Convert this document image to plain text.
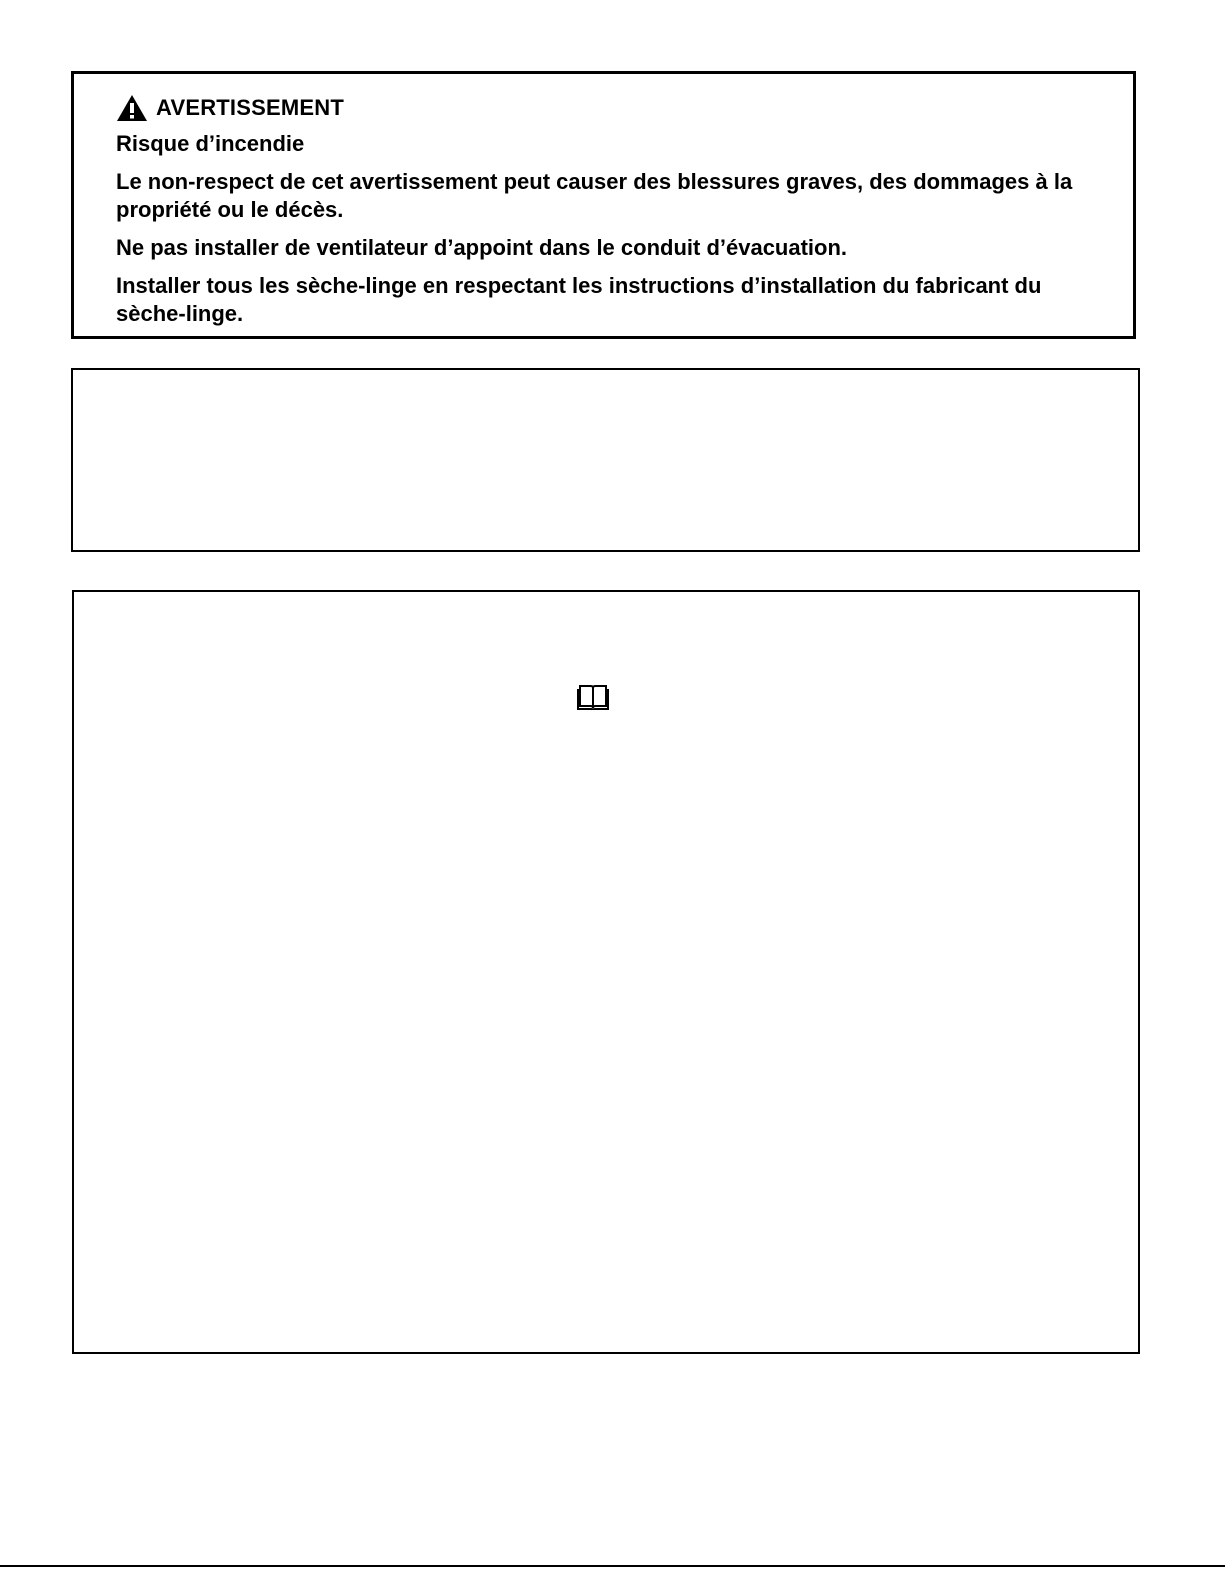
AVERTISSEMENT

Risque d’incendie

Le non-respect de cet avertissement peut causer des blessures graves, des dommages à la propriété ou le décès.

Ne pas installer de ventilateur d’appoint dans le conduit d’évacuation.

Installer tous les sèche-linge en respectant les instructions d’installation du fabricant du sèche-linge.
